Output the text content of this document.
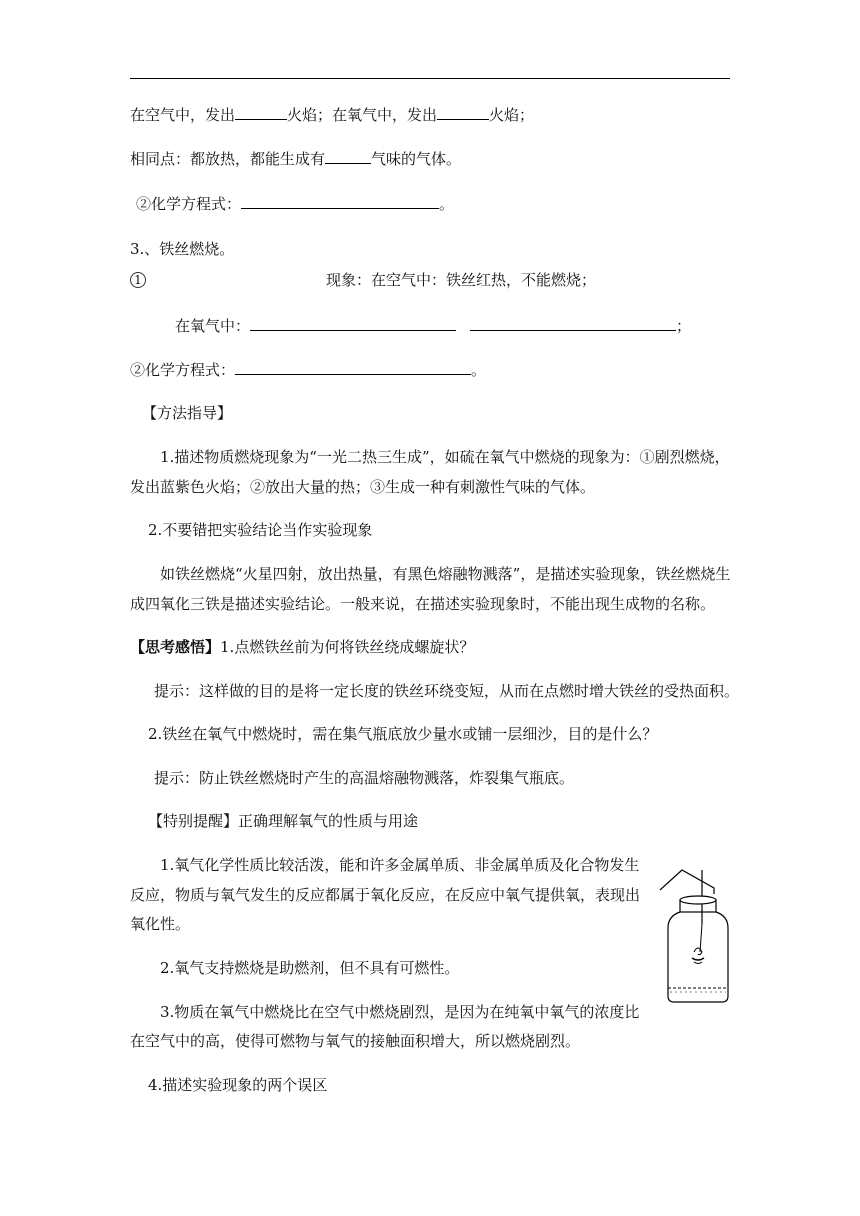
在空气中，发出	火焰；在氧气中，发出	火焰；
相同点：都放热，都能生成有	气味的气体。
②化学方程式：	。
3.、铁丝燃烧。
1	现象：在空气中：铁丝红热，不能燃烧；
在氧气中：	；
②化学方程式：	。
【方法指导】
1.描述物质燃烧现象为“一光二热三生成”，如硫在氧气中燃烧的现象为：①剧烈燃烧，
发出蓝紫色火焰；②放出大量的热；③生成一种有刺激性气味的气体。
2.不要错把实验结论当作实验现象
如铁丝燃烧“火星四射，放出热量，有黑色熔融物溅落”，是描述实验现象，铁丝燃烧生
成四氧化三铁是描述实验结论。一般来说，在描述实验现象时，不能出现生成物的名称。
【思考感悟】1.点燃铁丝前为何将铁丝绕成螺旋状？
提示：这样做的目的是将一定长度的铁丝环绕变短，从而在点燃时增大铁丝的受热面积。
2.铁丝在氧气中燃烧时，需在集气瓶底放少量水或铺一层细沙，目的是什么？
提示：防止铁丝燃烧时产生的高温熔融物溅落，炸裂集气瓶底。
【特别提醒】正确理解氧气的性质与用途
1.氧气化学性质比较活泼，能和许多金属单质、非金属单质及化合物发生
反应，物质与氧气发生的反应都属于氧化反应，在反应中氧气提供氧，表现出
氧化性。
2.氧气支持燃烧是助燃剂，但不具有可燃性。
3.物质在氧气中燃烧比在空气中燃烧剧烈，是因为在纯氧中氧气的浓度比
在空气中的高，使得可燃物与氧气的接触面积增大，所以燃烧剧烈。
4.描述实验现象的两个误区
